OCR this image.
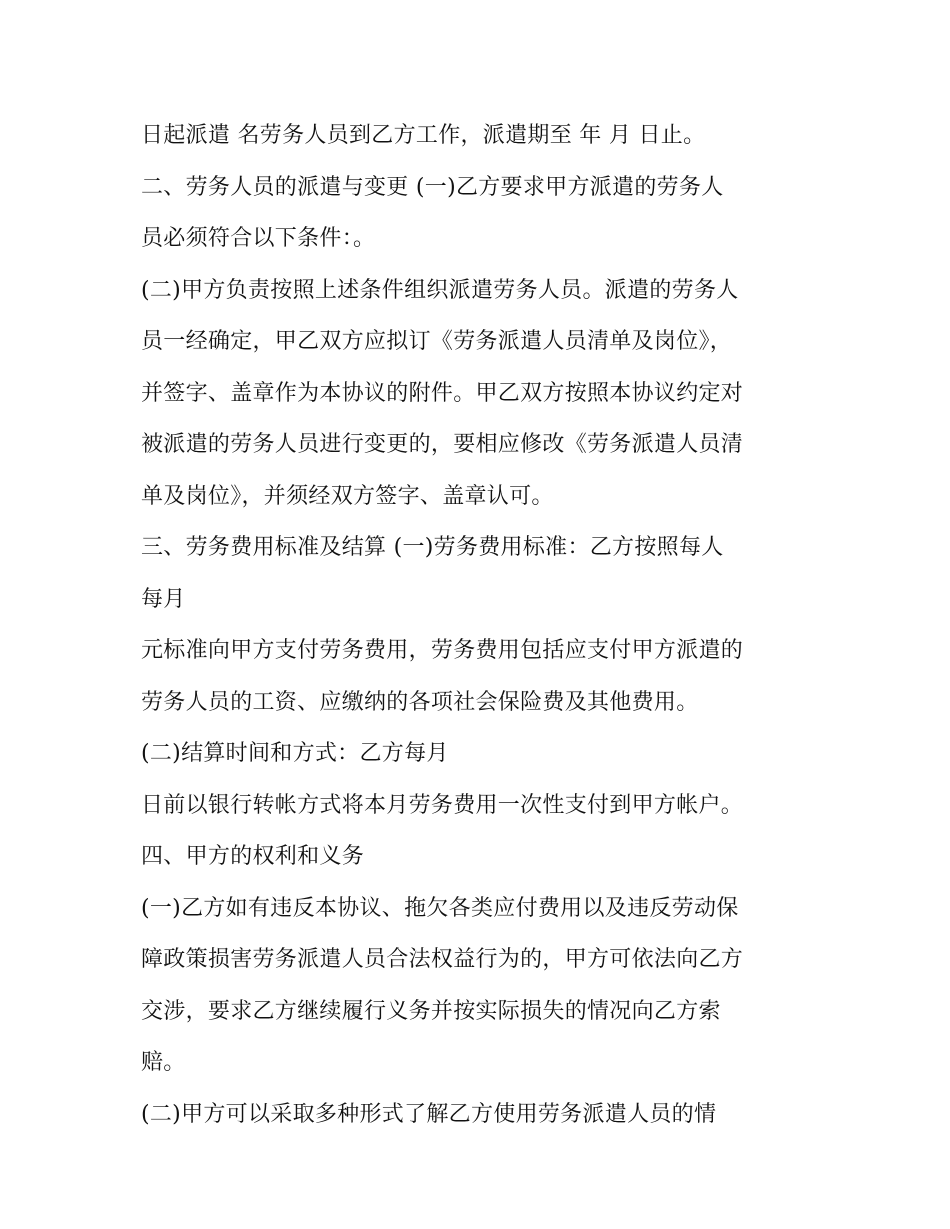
日起派遣 名劳务人员到乙方工作，派遣期至 年 月 日止。
二、劳务人员的派遣与变更 (一)乙方要求甲方派遣的劳务人
员必须符合以下条件：。
(二)甲方负责按照上述条件组织派遣劳务人员。派遣的劳务人
员一经确定，甲乙双方应拟订《劳务派遣人员清单及岗位》，
并签字、盖章作为本协议的附件。甲乙双方按照本协议约定对
被派遣的劳务人员进行变更的，要相应修改《劳务派遣人员清
单及岗位》，并须经双方签字、盖章认可。
三、劳务费用标准及结算 (一)劳务费用标准：乙方按照每人
每月
元标准向甲方支付劳务费用，劳务费用包括应支付甲方派遣的
劳务人员的工资、应缴纳的各项社会保险费及其他费用。
(二)结算时间和方式：乙方每月
日前以银行转帐方式将本月劳务费用一次性支付到甲方帐户。
四、甲方的权利和义务
(一)乙方如有违反本协议、拖欠各类应付费用以及违反劳动保
障政策损害劳务派遣人员合法权益行为的，甲方可依法向乙方
交涉，要求乙方继续履行义务并按实际损失的情况向乙方索
赔。
(二)甲方可以采取多种形式了解乙方使用劳务派遣人员的情
